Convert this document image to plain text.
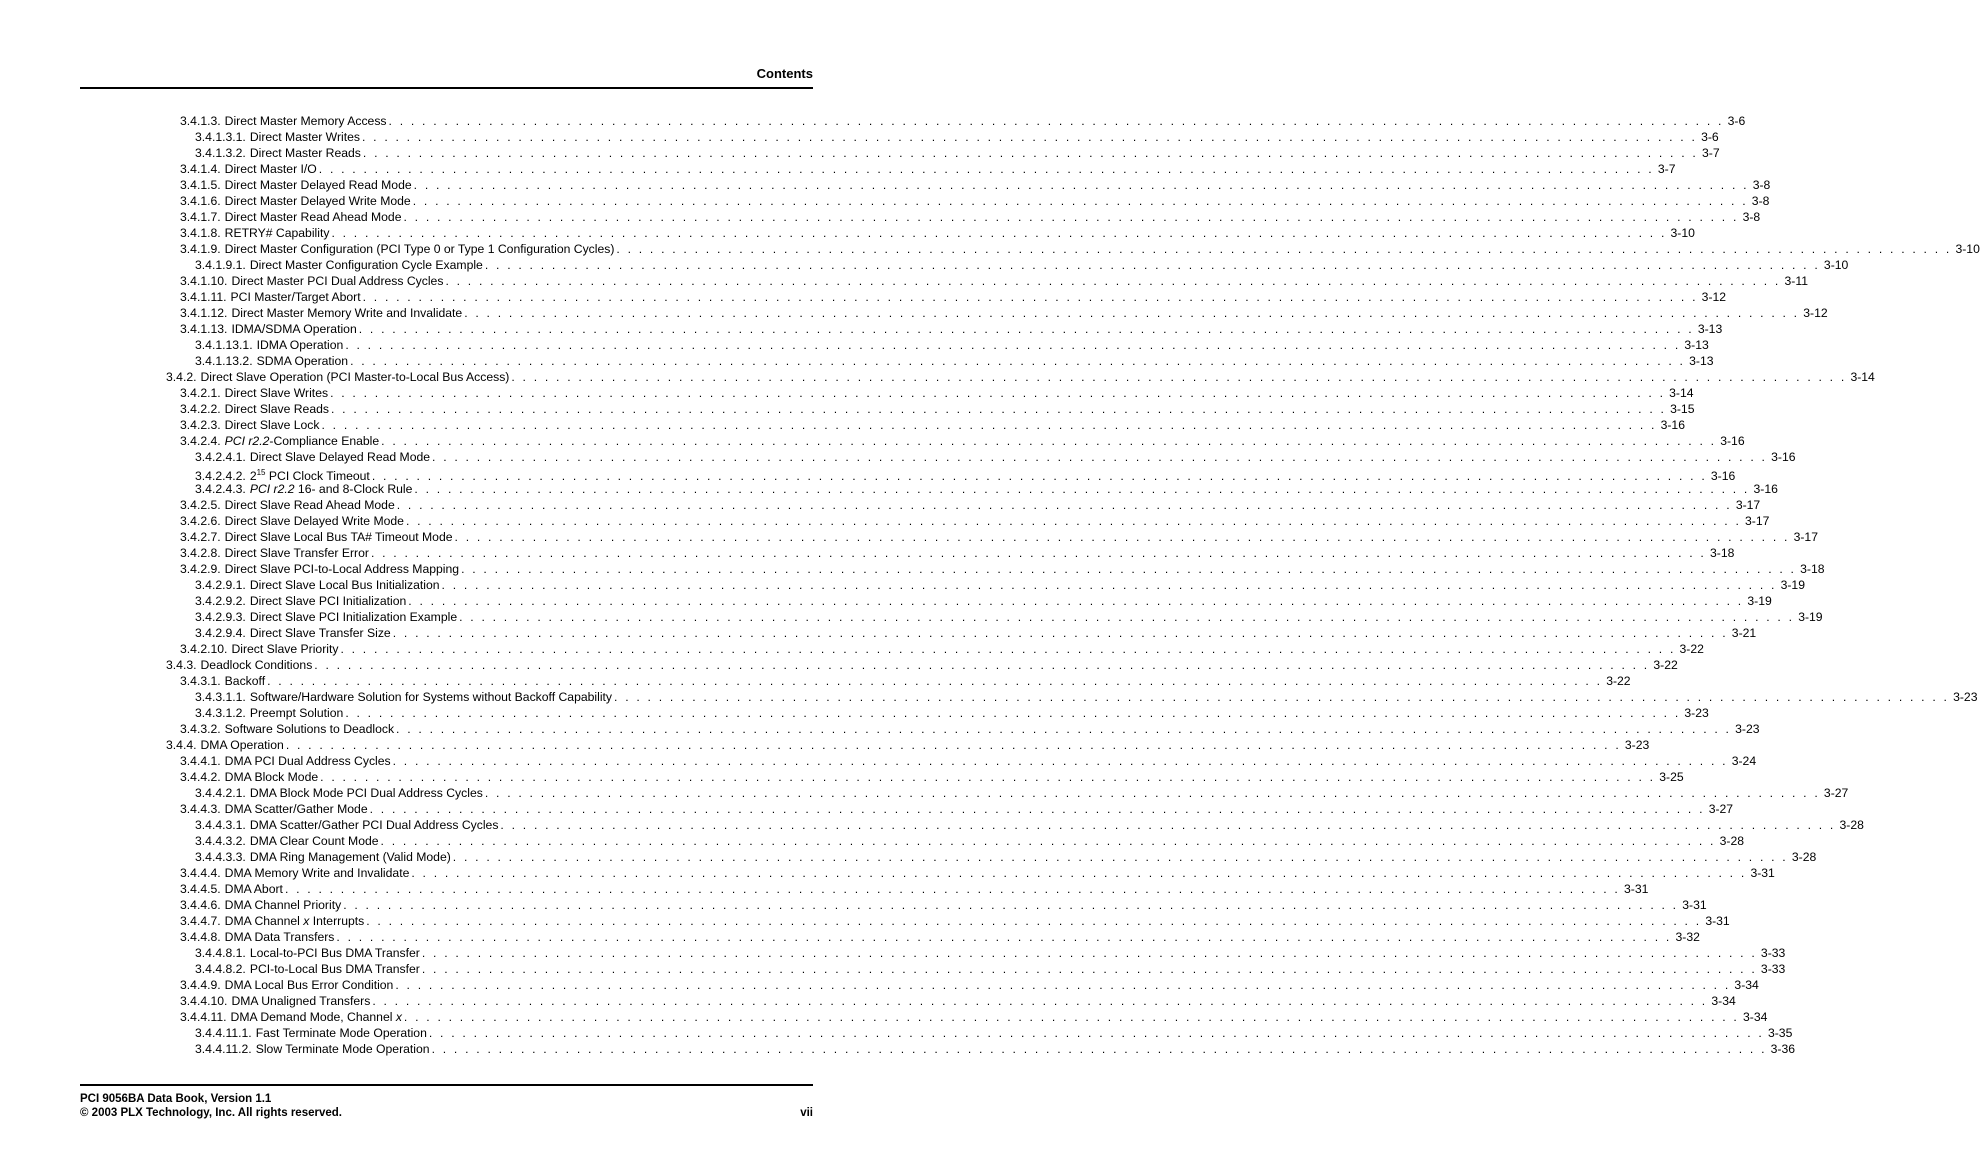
Contents
3.4.1.3. Direct Master Memory Access . . . . . . . . . . . . . . . . . . . . . . . . . . . . . . . . . . . . . . . . . . . . . . . . . . . . . . . . . . . . . . . . . . . . . . . . . . . . . . . . . . . . . . . . . . . . . . . . . . . . . . . . . . . . . . . . . . . . . . . . 3-6
3.4.1.3.1. Direct Master Writes . . . . . . . . . . . . . . . . . . . . . . . . . . . . . . . . . . . . . . . . . . . . . . . . . . . . . . . . . . . . . . . . . . . . . . . . . . . . . . . . . . . . . . . . . . . . . . . . . . . . . . . . . . . . . . . . . . . . . . . . 3-6
3.4.1.3.2. Direct Master Reads . . . . . . . . . . . . . . . . . . . . . . . . . . . . . . . . . . . . . . . . . . . . . . . . . . . . . . . . . . . . . . . . . . . . . . . . . . . . . . . . . . . . . . . . . . . . . . . . . . . . . . . . . . . . . . . . . . . . . . . . 3-7
3.4.1.4. Direct Master I/O . . . . . . . . . . . . . . . . . . . . . . . . . . . . . . . . . . . . . . . . . . . . . . . . . . . . . . . . . . . . . . . . . . . . . . . . . . . . . . . . . . . . . . . . . . . . . . . . . . . . . . . . . . . . . . . . . . . . . . . . 3-7
3.4.1.5. Direct Master Delayed Read Mode . . . . . . . . . . . . . . . . . . . . . . . . . . . . . . . . . . . . . . . . . . . . . . . . . . . . . . . . . . . . . . . . . . . . . . . . . . . . . . . . . . . . . . . . . . . . . . . . . . . . . . . . . . . . . . . . . . . . . . . . 3-8
3.4.1.6. Direct Master Delayed Write Mode . . . . . . . . . . . . . . . . . . . . . . . . . . . . . . . . . . . . . . . . . . . . . . . . . . . . . . . . . . . . . . . . . . . . . . . . . . . . . . . . . . . . . . . . . . . . . . . . . . . . . . . . . . . . . . . . . . . . . . . . 3-8
3.4.1.7. Direct Master Read Ahead Mode . . . . . . . . . . . . . . . . . . . . . . . . . . . . . . . . . . . . . . . . . . . . . . . . . . . . . . . . . . . . . . . . . . . . . . . . . . . . . . . . . . . . . . . . . . . . . . . . . . . . . . . . . . . . . . . . . . . . . . . . 3-8
3.4.1.8. RETRY# Capability . . . . . . . . . . . . . . . . . . . . . . . . . . . . . . . . . . . . . . . . . . . . . . . . . . . . . . . . . . . . . . . . . . . . . . . . . . . . . . . . . . . . . . . . . . . . . . . . . . . . . . . . . . . . . . . . . . . . . . . . 3-10
3.4.1.9. Direct Master Configuration (PCI Type 0 or Type 1 Configuration Cycles) . . . . . . . . . . . . . . . . . . . . . . . . . . . . . . . . . . . . . . . . . . . . . . . . . . . . . . . . . . . . . . . . . . . . . . . . . . . . . . . . . . . . . . . . . . . . . . . . . . . . . . . . . . . . . . . . . . . . . . . . 3-10
3.4.1.9.1. Direct Master Configuration Cycle Example . . . . . . . . . . . . . . . . . . . . . . . . . . . . . . . . . . . . . . . . . . . . . . . . . . . . . . . . . . . . . . . . . . . . . . . . . . . . . . . . . . . . . . . . . . . . . . . . . . . . . . . . . . . . . . . . . . . . . . . . 3-10
3.4.1.10. Direct Master PCI Dual Address Cycles . . . . . . . . . . . . . . . . . . . . . . . . . . . . . . . . . . . . . . . . . . . . . . . . . . . . . . . . . . . . . . . . . . . . . . . . . . . . . . . . . . . . . . . . . . . . . . . . . . . . . . . . . . . . . . . . . . . . . . . . 3-11
3.4.1.11. PCI Master/Target Abort . . . . . . . . . . . . . . . . . . . . . . . . . . . . . . . . . . . . . . . . . . . . . . . . . . . . . . . . . . . . . . . . . . . . . . . . . . . . . . . . . . . . . . . . . . . . . . . . . . . . . . . . . . . . . . . . . . . . . . . . 3-12
3.4.1.12. Direct Master Memory Write and Invalidate . . . . . . . . . . . . . . . . . . . . . . . . . . . . . . . . . . . . . . . . . . . . . . . . . . . . . . . . . . . . . . . . . . . . . . . . . . . . . . . . . . . . . . . . . . . . . . . . . . . . . . . . . . . . . . . . . . . . . . . . 3-12
3.4.1.13. IDMA/SDMA Operation . . . . . . . . . . . . . . . . . . . . . . . . . . . . . . . . . . . . . . . . . . . . . . . . . . . . . . . . . . . . . . . . . . . . . . . . . . . . . . . . . . . . . . . . . . . . . . . . . . . . . . . . . . . . . . . . . . . . . . . . 3-13
3.4.1.13.1. IDMA Operation . . . . . . . . . . . . . . . . . . . . . . . . . . . . . . . . . . . . . . . . . . . . . . . . . . . . . . . . . . . . . . . . . . . . . . . . . . . . . . . . . . . . . . . . . . . . . . . . . . . . . . . . . . . . . . . . . . . . . . . . 3-13
3.4.1.13.2. SDMA Operation . . . . . . . . . . . . . . . . . . . . . . . . . . . . . . . . . . . . . . . . . . . . . . . . . . . . . . . . . . . . . . . . . . . . . . . . . . . . . . . . . . . . . . . . . . . . . . . . . . . . . . . . . . . . . . . . . . . . . . . . 3-13
3.4.2. Direct Slave Operation (PCI Master-to-Local Bus Access) . . . . . . . . . . . . . . . . . . . . . . . . . . . . . . . . . . . . . . . . . . . . . . . . . . . . . . . . . . . . . . . . . . . . . . . . . . . . . . . . . . . . . . . . . . . . . . . . . . . . . . . . . . . . . . . . . . . . . . . . 3-14
3.4.2.1. Direct Slave Writes . . . . . . . . . . . . . . . . . . . . . . . . . . . . . . . . . . . . . . . . . . . . . . . . . . . . . . . . . . . . . . . . . . . . . . . . . . . . . . . . . . . . . . . . . . . . . . . . . . . . . . . . . . . . . . . . . . . . . . . . 3-14
3.4.2.2. Direct Slave Reads . . . . . . . . . . . . . . . . . . . . . . . . . . . . . . . . . . . . . . . . . . . . . . . . . . . . . . . . . . . . . . . . . . . . . . . . . . . . . . . . . . . . . . . . . . . . . . . . . . . . . . . . . . . . . . . . . . . . . . . . 3-15
3.4.2.3. Direct Slave Lock . . . . . . . . . . . . . . . . . . . . . . . . . . . . . . . . . . . . . . . . . . . . . . . . . . . . . . . . . . . . . . . . . . . . . . . . . . . . . . . . . . . . . . . . . . . . . . . . . . . . . . . . . . . . . . . . . . . . . . . . 3-16
3.4.2.4. PCI r2.2-Compliance Enable . . . . . . . . . . . . . . . . . . . . . . . . . . . . . . . . . . . . . . . . . . . . . . . . . . . . . . . . . . . . . . . . . . . . . . . . . . . . . . . . . . . . . . . . . . . . . . . . . . . . . . . . . . . . . . . . . . . . . . . . 3-16
3.4.2.4.1. Direct Slave Delayed Read Mode . . . . . . . . . . . . . . . . . . . . . . . . . . . . . . . . . . . . . . . . . . . . . . . . . . . . . . . . . . . . . . . . . . . . . . . . . . . . . . . . . . . . . . . . . . . . . . . . . . . . . . . . . . . . . . . . . . . . . . . . 3-16
3.4.2.4.2. $2^{15}$ PCI Clock Timeout . . . . . . . . . . . . . . . . . . . . . . . . . . . . . . . . . . . . . . . . . . . . . . . . . . . . . . . . . . . . . . . . . . . . . . . . . . . . . . . . . . . . . . . . . . . . . . . . . . . . . . . . . . . . . . . . . . . . . . . . 3-16
3.4.2.4.3. PCI r2.2 16- and 8-Clock Rule . . . . . . . . . . . . . . . . . . . . . . . . . . . . . . . . . . . . . . . . . . . . . . . . . . . . . . . . . . . . . . . . . . . . . . . . . . . . . . . . . . . . . . . . . . . . . . . . . . . . . . . . . . . . . . . . . . . . . . . . 3-16
3.4.2.5. Direct Slave Read Ahead Mode . . . . . . . . . . . . . . . . . . . . . . . . . . . . . . . . . . . . . . . . . . . . . . . . . . . . . . . . . . . . . . . . . . . . . . . . . . . . . . . . . . . . . . . . . . . . . . . . . . . . . . . . . . . . . . . . . . . . . . . . 3-17
3.4.2.6. Direct Slave Delayed Write Mode . . . . . . . . . . . . . . . . . . . . . . . . . . . . . . . . . . . . . . . . . . . . . . . . . . . . . . . . . . . . . . . . . . . . . . . . . . . . . . . . . . . . . . . . . . . . . . . . . . . . . . . . . . . . . . . . . . . . . . . . 3-17
3.4.2.7. Direct Slave Local Bus TA# Timeout Mode . . . . . . . . . . . . . . . . . . . . . . . . . . . . . . . . . . . . . . . . . . . . . . . . . . . . . . . . . . . . . . . . . . . . . . . . . . . . . . . . . . . . . . . . . . . . . . . . . . . . . . . . . . . . . . . . . . . . . . . . 3-17
3.4.2.8. Direct Slave Transfer Error . . . . . . . . . . . . . . . . . . . . . . . . . . . . . . . . . . . . . . . . . . . . . . . . . . . . . . . . . . . . . . . . . . . . . . . . . . . . . . . . . . . . . . . . . . . . . . . . . . . . . . . . . . . . . . . . . . . . . . . . 3-18
3.4.2.9. Direct Slave PCI-to-Local Address Mapping . . . . . . . . . . . . . . . . . . . . . . . . . . . . . . . . . . . . . . . . . . . . . . . . . . . . . . . . . . . . . . . . . . . . . . . . . . . . . . . . . . . . . . . . . . . . . . . . . . . . . . . . . . . . . . . . . . . . . . . . 3-18
3.4.2.9.1. Direct Slave Local Bus Initialization . . . . . . . . . . . . . . . . . . . . . . . . . . . . . . . . . . . . . . . . . . . . . . . . . . . . . . . . . . . . . . . . . . . . . . . . . . . . . . . . . . . . . . . . . . . . . . . . . . . . . . . . . . . . . . . . . . . . . . . . 3-19
3.4.2.9.2. Direct Slave PCI Initialization . . . . . . . . . . . . . . . . . . . . . . . . . . . . . . . . . . . . . . . . . . . . . . . . . . . . . . . . . . . . . . . . . . . . . . . . . . . . . . . . . . . . . . . . . . . . . . . . . . . . . . . . . . . . . . . . . . . . . . . . 3-19
3.4.2.9.3. Direct Slave PCI Initialization Example . . . . . . . . . . . . . . . . . . . . . . . . . . . . . . . . . . . . . . . . . . . . . . . . . . . . . . . . . . . . . . . . . . . . . . . . . . . . . . . . . . . . . . . . . . . . . . . . . . . . . . . . . . . . . . . . . . . . . . . . 3-19
3.4.2.9.4. Direct Slave Transfer Size . . . . . . . . . . . . . . . . . . . . . . . . . . . . . . . . . . . . . . . . . . . . . . . . . . . . . . . . . . . . . . . . . . . . . . . . . . . . . . . . . . . . . . . . . . . . . . . . . . . . . . . . . . . . . . . . . . . . . . . . 3-21
3.4.2.10. Direct Slave Priority . . . . . . . . . . . . . . . . . . . . . . . . . . . . . . . . . . . . . . . . . . . . . . . . . . . . . . . . . . . . . . . . . . . . . . . . . . . . . . . . . . . . . . . . . . . . . . . . . . . . . . . . . . . . . . . . . . . . . . . . 3-22
3.4.3. Deadlock Conditions . . . . . . . . . . . . . . . . . . . . . . . . . . . . . . . . . . . . . . . . . . . . . . . . . . . . . . . . . . . . . . . . . . . . . . . . . . . . . . . . . . . . . . . . . . . . . . . . . . . . . . . . . . . . . . . . . . . . . . . . 3-22
3.4.3.1. Backoff . . . . . . . . . . . . . . . . . . . . . . . . . . . . . . . . . . . . . . . . . . . . . . . . . . . . . . . . . . . . . . . . . . . . . . . . . . . . . . . . . . . . . . . . . . . . . . . . . . . . . . . . . . . . . . . . . . . . . . . . 3-22
3.4.3.1.1. Software/Hardware Solution for Systems without Backoff Capability . . . . . . . . . . . . . . . . . . . . . . . . . . . . . . . . . . . . . . . . . . . . . . . . . . . . . . . . . . . . . . . . . . . . . . . . . . . . . . . . . . . . . . . . . . . . . . . . . . . . . . . . . . . . . . . . . . . . . . . . 3-23
3.4.3.1.2. Preempt Solution . . . . . . . . . . . . . . . . . . . . . . . . . . . . . . . . . . . . . . . . . . . . . . . . . . . . . . . . . . . . . . . . . . . . . . . . . . . . . . . . . . . . . . . . . . . . . . . . . . . . . . . . . . . . . . . . . . . . . . . . 3-23
3.4.3.2. Software Solutions to Deadlock . . . . . . . . . . . . . . . . . . . . . . . . . . . . . . . . . . . . . . . . . . . . . . . . . . . . . . . . . . . . . . . . . . . . . . . . . . . . . . . . . . . . . . . . . . . . . . . . . . . . . . . . . . . . . . . . . . . . . . . . 3-23
3.4.4. DMA Operation . . . . . . . . . . . . . . . . . . . . . . . . . . . . . . . . . . . . . . . . . . . . . . . . . . . . . . . . . . . . . . . . . . . . . . . . . . . . . . . . . . . . . . . . . . . . . . . . . . . . . . . . . . . . . . . . . . . . . . . . 3-23
3.4.4.1. DMA PCI Dual Address Cycles . . . . . . . . . . . . . . . . . . . . . . . . . . . . . . . . . . . . . . . . . . . . . . . . . . . . . . . . . . . . . . . . . . . . . . . . . . . . . . . . . . . . . . . . . . . . . . . . . . . . . . . . . . . . . . . . . . . . . . . . 3-24
3.4.4.2. DMA Block Mode . . . . . . . . . . . . . . . . . . . . . . . . . . . . . . . . . . . . . . . . . . . . . . . . . . . . . . . . . . . . . . . . . . . . . . . . . . . . . . . . . . . . . . . . . . . . . . . . . . . . . . . . . . . . . . . . . . . . . . . . 3-25
3.4.4.2.1. DMA Block Mode PCI Dual Address Cycles . . . . . . . . . . . . . . . . . . . . . . . . . . . . . . . . . . . . . . . . . . . . . . . . . . . . . . . . . . . . . . . . . . . . . . . . . . . . . . . . . . . . . . . . . . . . . . . . . . . . . . . . . . . . . . . . . . . . . . . . 3-27
3.4.4.3. DMA Scatter/Gather Mode . . . . . . . . . . . . . . . . . . . . . . . . . . . . . . . . . . . . . . . . . . . . . . . . . . . . . . . . . . . . . . . . . . . . . . . . . . . . . . . . . . . . . . . . . . . . . . . . . . . . . . . . . . . . . . . . . . . . . . . . 3-27
3.4.4.3.1. DMA Scatter/Gather PCI Dual Address Cycles . . . . . . . . . . . . . . . . . . . . . . . . . . . . . . . . . . . . . . . . . . . . . . . . . . . . . . . . . . . . . . . . . . . . . . . . . . . . . . . . . . . . . . . . . . . . . . . . . . . . . . . . . . . . . . . . . . . . . . . . 3-28
3.4.4.3.2. DMA Clear Count Mode . . . . . . . . . . . . . . . . . . . . . . . . . . . . . . . . . . . . . . . . . . . . . . . . . . . . . . . . . . . . . . . . . . . . . . . . . . . . . . . . . . . . . . . . . . . . . . . . . . . . . . . . . . . . . . . . . . . . . . . . 3-28
3.4.4.3.3. DMA Ring Management (Valid Mode) . . . . . . . . . . . . . . . . . . . . . . . . . . . . . . . . . . . . . . . . . . . . . . . . . . . . . . . . . . . . . . . . . . . . . . . . . . . . . . . . . . . . . . . . . . . . . . . . . . . . . . . . . . . . . . . . . . . . . . . . 3-28
3.4.4.4. DMA Memory Write and Invalidate . . . . . . . . . . . . . . . . . . . . . . . . . . . . . . . . . . . . . . . . . . . . . . . . . . . . . . . . . . . . . . . . . . . . . . . . . . . . . . . . . . . . . . . . . . . . . . . . . . . . . . . . . . . . . . . . . . . . . . . . 3-31
3.4.4.5. DMA Abort . . . . . . . . . . . . . . . . . . . . . . . . . . . . . . . . . . . . . . . . . . . . . . . . . . . . . . . . . . . . . . . . . . . . . . . . . . . . . . . . . . . . . . . . . . . . . . . . . . . . . . . . . . . . . . . . . . . . . . . . 3-31
3.4.4.6. DMA Channel Priority . . . . . . . . . . . . . . . . . . . . . . . . . . . . . . . . . . . . . . . . . . . . . . . . . . . . . . . . . . . . . . . . . . . . . . . . . . . . . . . . . . . . . . . . . . . . . . . . . . . . . . . . . . . . . . . . . . . . . . . . 3-31
3.4.4.7. DMA Channel x Interrupts . . . . . . . . . . . . . . . . . . . . . . . . . . . . . . . . . . . . . . . . . . . . . . . . . . . . . . . . . . . . . . . . . . . . . . . . . . . . . . . . . . . . . . . . . . . . . . . . . . . . . . . . . . . . . . . . . . . . . . . . 3-31
3.4.4.8. DMA Data Transfers . . . . . . . . . . . . . . . . . . . . . . . . . . . . . . . . . . . . . . . . . . . . . . . . . . . . . . . . . . . . . . . . . . . . . . . . . . . . . . . . . . . . . . . . . . . . . . . . . . . . . . . . . . . . . . . . . . . . . . . . 3-32
3.4.4.8.1. Local-to-PCI Bus DMA Transfer . . . . . . . . . . . . . . . . . . . . . . . . . . . . . . . . . . . . . . . . . . . . . . . . . . . . . . . . . . . . . . . . . . . . . . . . . . . . . . . . . . . . . . . . . . . . . . . . . . . . . . . . . . . . . . . . . . . . . . . . 3-33
3.4.4.8.2. PCI-to-Local Bus DMA Transfer . . . . . . . . . . . . . . . . . . . . . . . . . . . . . . . . . . . . . . . . . . . . . . . . . . . . . . . . . . . . . . . . . . . . . . . . . . . . . . . . . . . . . . . . . . . . . . . . . . . . . . . . . . . . . . . . . . . . . . . . 3-33
3.4.4.9. DMA Local Bus Error Condition . . . . . . . . . . . . . . . . . . . . . . . . . . . . . . . . . . . . . . . . . . . . . . . . . . . . . . . . . . . . . . . . . . . . . . . . . . . . . . . . . . . . . . . . . . . . . . . . . . . . . . . . . . . . . . . . . . . . . . . . 3-34
3.4.4.10. DMA Unaligned Transfers . . . . . . . . . . . . . . . . . . . . . . . . . . . . . . . . . . . . . . . . . . . . . . . . . . . . . . . . . . . . . . . . . . . . . . . . . . . . . . . . . . . . . . . . . . . . . . . . . . . . . . . . . . . . . . . . . . . . . . . . 3-34
3.4.4.11. DMA Demand Mode, Channel x . . . . . . . . . . . . . . . . . . . . . . . . . . . . . . . . . . . . . . . . . . . . . . . . . . . . . . . . . . . . . . . . . . . . . . . . . . . . . . . . . . . . . . . . . . . . . . . . . . . . . . . . . . . . . . . . . . . . . . . . 3-34
3.4.4.11.1. Fast Terminate Mode Operation . . . . . . . . . . . . . . . . . . . . . . . . . . . . . . . . . . . . . . . . . . . . . . . . . . . . . . . . . . . . . . . . . . . . . . . . . . . . . . . . . . . . . . . . . . . . . . . . . . . . . . . . . . . . . . . . . . . . . . . . 3-35
3.4.4.11.2. Slow Terminate Mode Operation . . . . . . . . . . . . . . . . . . . . . . . . . . . . . . . . . . . . . . . . . . . . . . . . . . . . . . . . . . . . . . . . . . . . . . . . . . . . . . . . . . . . . . . . . . . . . . . . . . . . . . . . . . . . . . . . . . . . . . . . 3-36
PCI 9056BA Data Book, Version 1.1
© 2003 PLX Technology, Inc. All rights reserved.	vii
